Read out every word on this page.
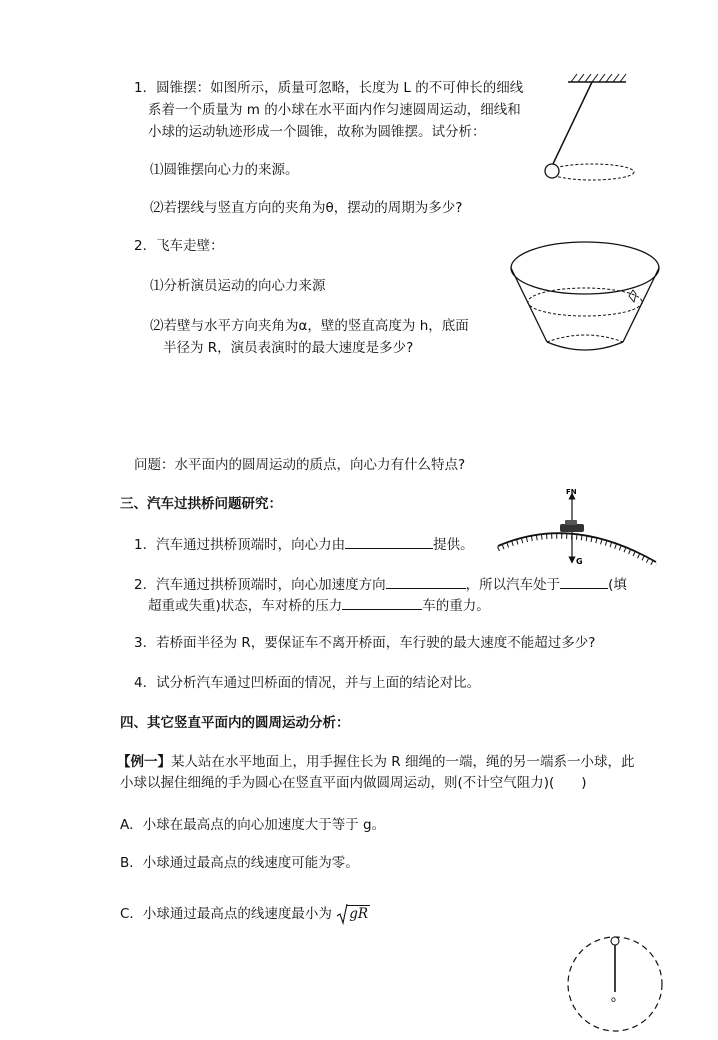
1．圆锥摆：如图所示，质量可忽略，长度为 L 的不可伸长的细线
系着一个质量为 m 的小球在水平面内作匀速圆周运动，细线和
小球的运动轨迹形成一个圆锥，故称为圆锥摆。试分析：
⑴圆锥摆向心力的来源。
⑵若摆线与竖直方向的夹角为θ，摆动的周期为多少?
2．飞车走壁：
⑴分析演员运动的向心力来源
⑵若壁与水平方向夹角为α，壁的竖直高度为 h，底面
半径为 R，演员表演时的最大速度是多少?
问题：水平面内的圆周运动的质点，向心力有什么特点?
三、汽车过拱桥问题研究：
1．汽车通过拱桥顶端时，向心力由	提供。
2．汽车通过拱桥顶端时，向心加速度方向	，所以汽车处于	(填
超重或失重)状态，车对桥的压力	车的重力。
3．若桥面半径为 R，要保证车不离开桥面，车行驶的最大速度不能超过多少?
4．试分析汽车通过凹桥面的情况，并与上面的结论对比。
FN
G
四、其它竖直平面内的圆周运动分析：
【例一】某人站在水平地面上，用手握住长为 R 细绳的一端，绳的另一端系一小球，此
小球以握住细绳的手为圆心在竖直平面内做圆周运动，则(不计空气阻力)(　　)
A．小球在最高点的向心加速度大于等于 g。
B．小球通过最高点的线速度可能为零。
C．小球通过最高点的线速度最小为 gR
o
